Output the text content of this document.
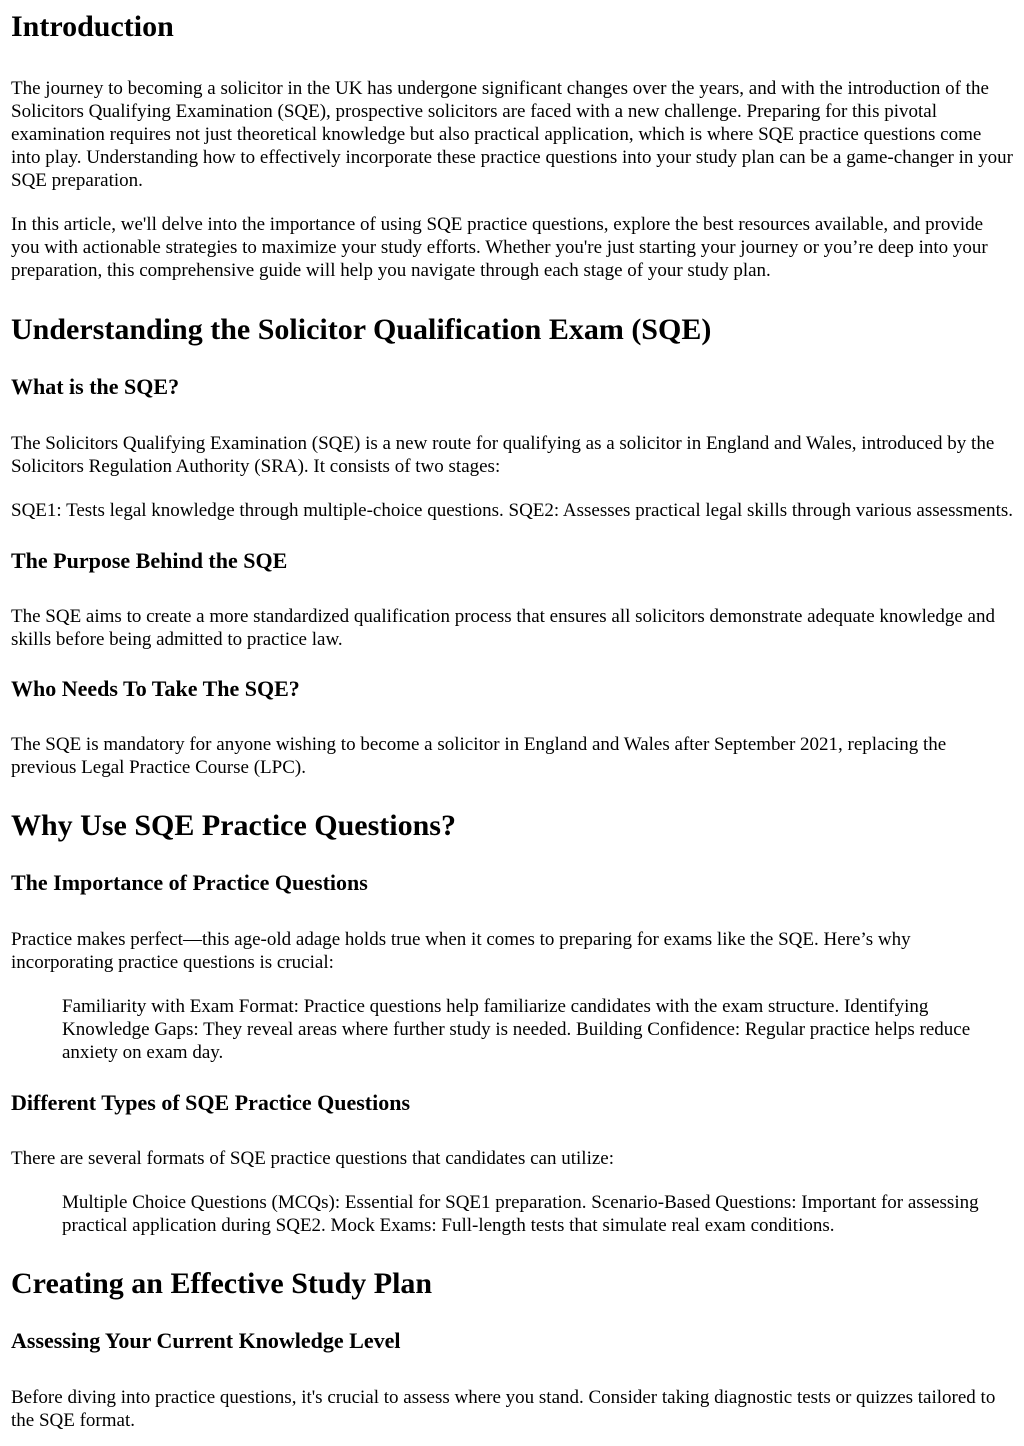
Introduction

The journey to becoming a solicitor in the UK has undergone significant changes over the years, and with the introduction of the Solicitors Qualifying Examination (SQE), prospective solicitors are faced with a new challenge. Preparing for this pivotal examination requires not just theoretical knowledge but also practical application, which is where SQE practice questions come into play. Understanding how to effectively incorporate these practice questions into your study plan can be a game-changer in your SQE preparation.

In this article, we'll delve into the importance of using SQE practice questions, explore the best resources available, and provide you with actionable strategies to maximize your study efforts. Whether you're just starting your journey or you’re deep into your preparation, this comprehensive guide will help you navigate through each stage of your study plan.

Understanding the Solicitor Qualification Exam (SQE)
What is the SQE?

The Solicitors Qualifying Examination (SQE) is a new route for qualifying as a solicitor in England and Wales, introduced by the Solicitors Regulation Authority (SRA). It consists of two stages:

SQE1: Tests legal knowledge through multiple-choice questions. SQE2: Assesses practical legal skills through various assessments.

The Purpose Behind the SQE

The SQE aims to create a more standardized qualification process that ensures all solicitors demonstrate adequate knowledge and skills before being admitted to practice law.

Who Needs To Take The SQE?

The SQE is mandatory for anyone wishing to become a solicitor in England and Wales after September 2021, replacing the previous Legal Practice Course (LPC).

Why Use SQE Practice Questions?
The Importance of Practice Questions

Practice makes perfect—this age-old adage holds true when it comes to preparing for exams like the SQE. Here’s why incorporating practice questions is crucial:

Familiarity with Exam Format: Practice questions help familiarize candidates with the exam structure. Identifying Knowledge Gaps: They reveal areas where further study is needed. Building Confidence: Regular practice helps reduce anxiety on exam day.
Different Types of SQE Practice Questions

There are several formats of SQE practice questions that candidates can utilize:

Multiple Choice Questions (MCQs): Essential for SQE1 preparation. Scenario-Based Questions: Important for assessing practical application during SQE2. Mock Exams: Full-length tests that simulate real exam conditions.
Creating an Effective Study Plan
Assessing Your Current Knowledge Level

Before diving into practice questions, it's crucial to assess where you stand. Consider taking diagnostic tests or quizzes tailored to the SQE format.
